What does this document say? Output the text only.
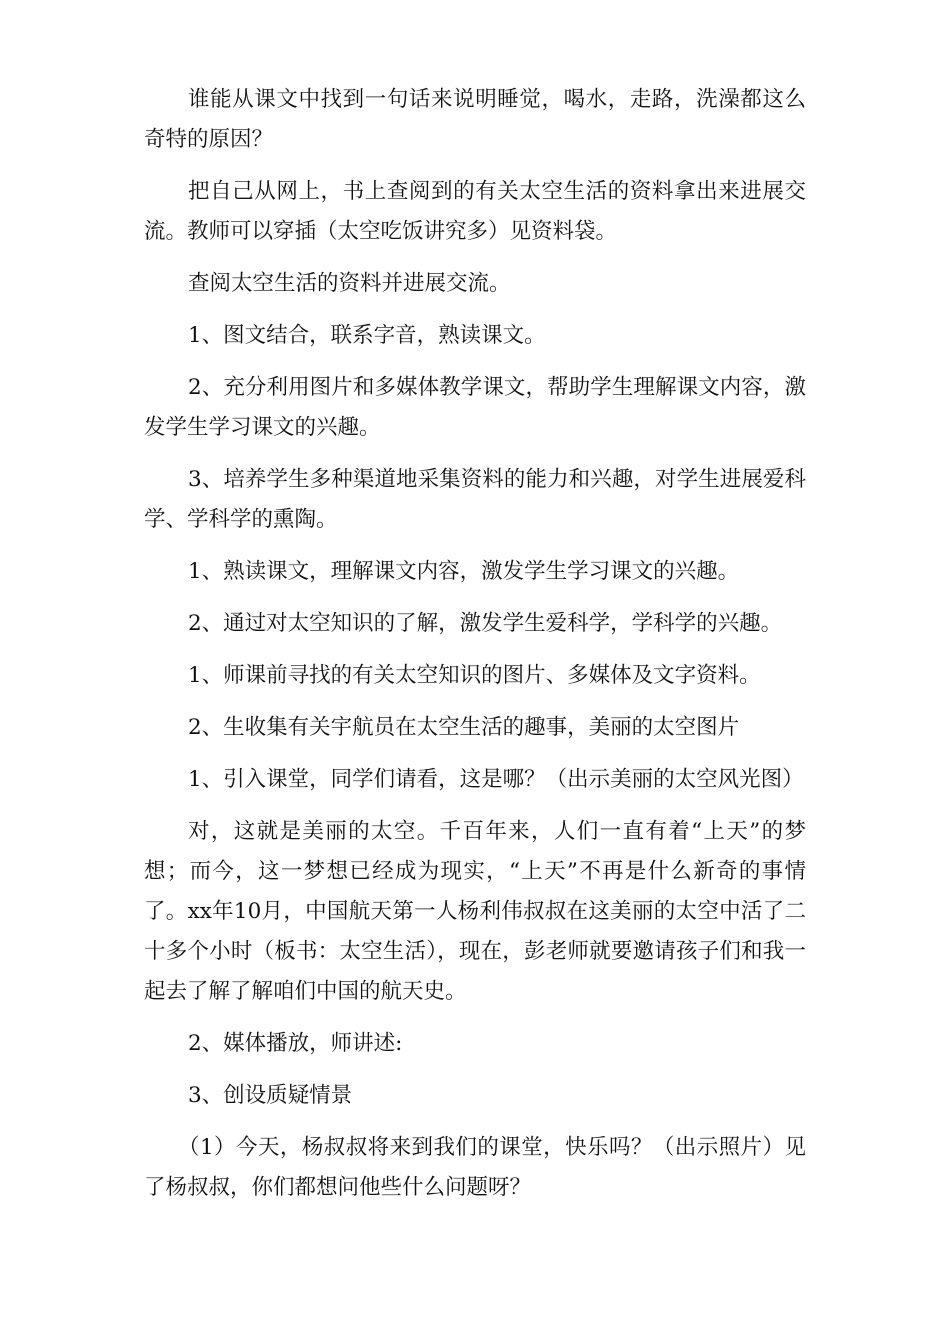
谁能从课文中找到一句话来说明睡觉，喝水，走路，洗澡都这么奇特的原因？

把自己从网上，书上查阅到的有关太空生活的资料拿出来进展交流。教师可以穿插（太空吃饭讲究多）见资料袋。

查阅太空生活的资料并进展交流。

1、图文结合，联系字音，熟读课文。

2、充分利用图片和多媒体教学课文，帮助学生理解课文内容，激发学生学习课文的兴趣。

3、培养学生多种渠道地采集资料的能力和兴趣，对学生进展爱科学、学科学的熏陶。

1、熟读课文，理解课文内容，激发学生学习课文的兴趣。

2、通过对太空知识的了解，激发学生爱科学，学科学的兴趣。

1、师课前寻找的有关太空知识的图片、多媒体及文字资料。

2、生收集有关宇航员在太空生活的趣事，美丽的太空图片

1、引入课堂，同学们请看，这是哪？（出示美丽的太空风光图）

对，这就是美丽的太空。千百年来，人们一直有着“上天”的梦想；而今，这一梦想已经成为现实，“上天”不再是什么新奇的事情了。xx年10月，中国航天第一人杨利伟叔叔在这美丽的太空中活了二十多个小时（板书：太空生活），现在，彭老师就要邀请孩子们和我一起去了解了解咱们中国的航天史。

2、媒体播放，师讲述:

3、创设质疑情景

（1）今天，杨叔叔将来到我们的课堂，快乐吗？（出示照片）见了杨叔叔，你们都想问他些什么问题呀？
